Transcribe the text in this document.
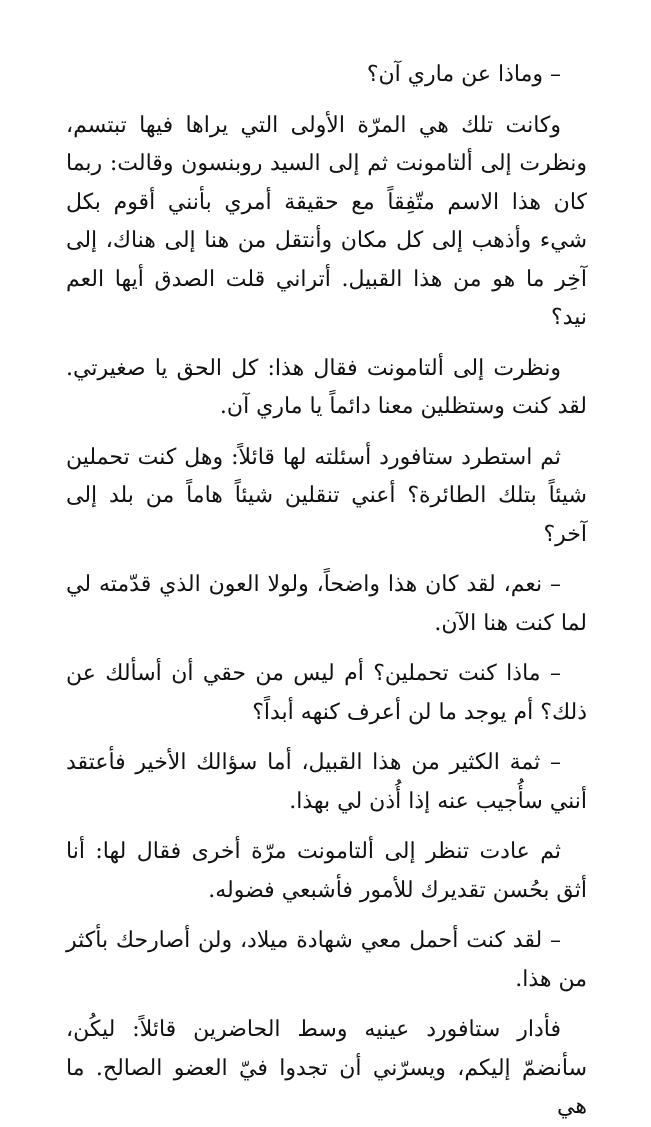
– وماذا عن ماري آن؟

وكانت تلك هي المرّة الأولى التي يراها فيها تبتسم، ونظرت إلى ألتامونت ثم إلى السيد روبنسون وقالت: ربما كان هذا الاسم متّفِقاً مع حقيقة أمري بأنني أقوم بكل شيء وأذهب إلى كل مكان وأنتقل من هنا إلى هناك، إلى آخِر ما هو من هذا القبيل. أتراني قلت الصدق أيها العم نيد؟

ونظرت إلى ألتامونت فقال هذا: كل الحق يا صغيرتي. لقد كنت وستظلين معنا دائماً يا ماري آن.

ثم استطرد ستافورد أسئلته لها قائلاً: وهل كنت تحملين شيئاً بتلك الطائرة؟ أعني تنقلين شيئاً هاماً من بلد إلى آخر؟

– نعم، لقد كان هذا واضحاً، ولولا العون الذي قدّمته لي لما كنت هنا الآن.

– ماذا كنت تحملين؟ أم ليس من حقي أن أسألك عن ذلك؟ أم يوجد ما لن أعرف كنهه أبداً؟

– ثمة الكثير من هذا القبيل، أما سؤالك الأخير فأعتقد أنني سأُجيب عنه إذا أُذن لي بهذا.

ثم عادت تنظر إلى ألتامونت مرّة أخرى فقال لها: أنا أثق بحُسن تقديرك للأمور فأشبعي فضوله.

– لقد كنت أحمل معي شهادة ميلاد، ولن أصارحك بأكثر من هذا.

فأدار ستافورد عينيه وسط الحاضرين قائلاً: ليكُن، سأنضمّ إليكم، ويسرّني أن تجدوا فيّ العضو الصالح. ما هي
